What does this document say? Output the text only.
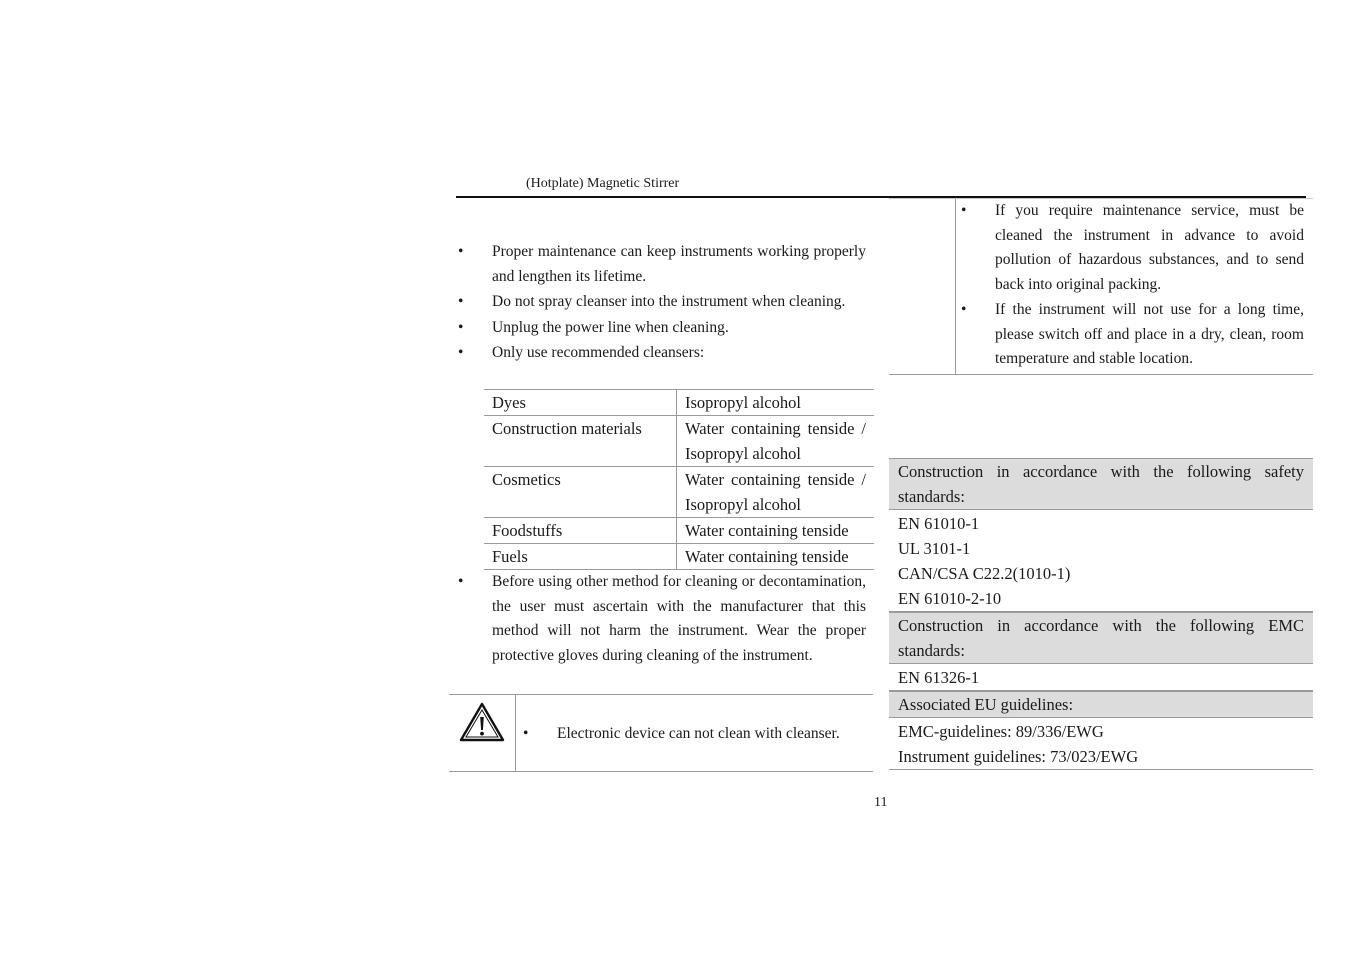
(Hotplate) Magnetic Stirrer

• Proper maintenance can keep instruments working properly and lengthen its lifetime.

• Do not spray cleanser into the instrument when cleaning.

• Unplug the power line when cleaning.

• Only use recommended cleansers:

Dyes	Isopropyl alcohol
Construction materials	Water containing tenside / Isopropyl alcohol
Cosmetics	Water containing tenside / Isopropyl alcohol
Foodstuffs	Water containing tenside
Fuels	Water containing tenside

• Before using other method for cleaning or decontamination, the user must ascertain with the manufacturer that this method will not harm the instrument. Wear the proper protective gloves during cleaning of the instrument.

• Electronic device can not clean with cleanser.

• If you require maintenance service, must be cleaned the instrument in advance to avoid pollution of hazardous substances, and to send back into original packing.

• If the instrument will not use for a long time, please switch off and place in a dry, clean, room temperature and stable location.

Construction in accordance with the following safety standards:
EN 61010-1
UL 3101-1
CAN/CSA C22.2(1010-1)
EN 61010-2-10
Construction in accordance with the following EMC standards:
EN 61326-1
Associated EU guidelines:
EMC-guidelines: 89/336/EWG
Instrument guidelines: 73/023/EWG
11
